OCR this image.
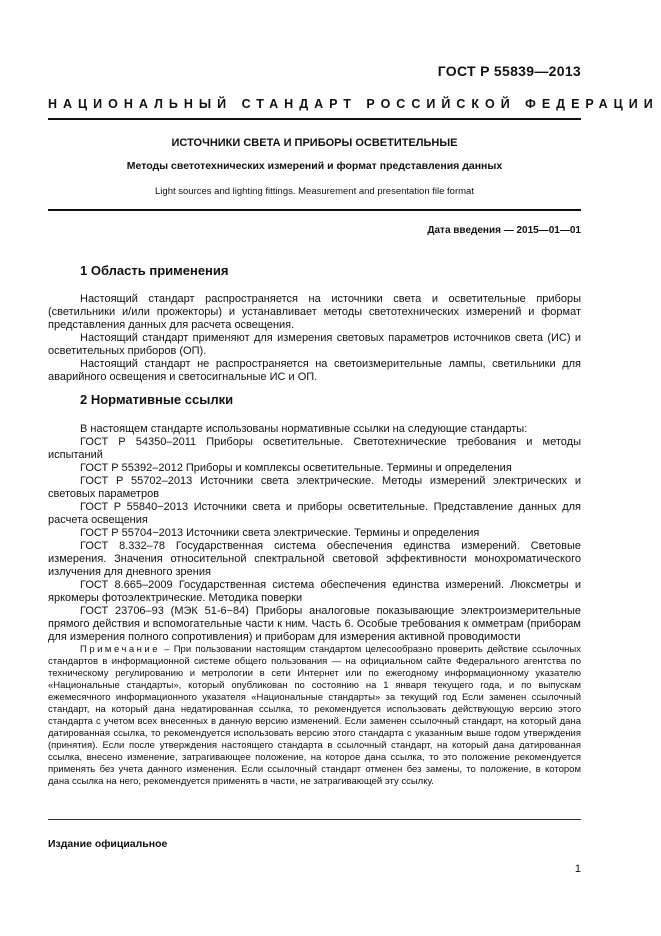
ГОСТ Р 55839—2013
НАЦИОНАЛЬНЫЙ СТАНДАРТ РОССИЙСКОЙ ФЕДЕРАЦИИ
ИСТОЧНИКИ СВЕТА И ПРИБОРЫ ОСВЕТИТЕЛЬНЫЕ
Методы светотехнических измерений и формат представления данных
Light sources and lighting fittings. Measurement and presentation file format
Дата введения — 2015—01—01
1 Область применения

Настоящий стандарт распространяется на источники света и осветительные приборы (светильники и/или прожекторы) и устанавливает методы светотехнических измерений и формат представления данных для расчета освещения.

Настоящий стандарт применяют для измерения световых параметров источников света (ИС) и осветительных приборов (ОП).

Настоящий стандарт не распространяется на светоизмерительные лампы, светильники для аварийного освещения и светосигнальные ИС и ОП.

2 Нормативные ссылки

В настоящем стандарте использованы нормативные ссылки на следующие стандарты:

ГОСТ Р 54350–2011 Приборы осветительные. Светотехнические требования и методы испытаний

ГОСТ Р 55392–2012 Приборы и комплексы осветительные. Термины и определения

ГОСТ Р 55702–2013 Источники света электрические. Методы измерений электрических и световых параметров

ГОСТ Р 55840−2013 Источники света и приборы осветительные. Представление данных для расчета освещения

ГОСТ Р 55704−2013 Источники света электрические. Термины и определения

ГОСТ 8.332–78 Государственная система обеспечения единства измерений. Световые измерения. Значения относительной спектральной световой эффективности монохроматического излучения для дневного зрения

ГОСТ 8.665–2009 Государственная система обеспечения единства измерений. Люксметры и яркомеры фотоэлектрические. Методика поверки

ГОСТ 23706–93 (МЭК 51-6−84) Приборы аналоговые показывающие электроизмерительные прямого действия и вспомогательные части к ним. Часть 6. Особые требования к омметрам (приборам для измерения полного сопротивления) и приборам для измерения активной проводимости

Примечание – При пользовании настоящим стандартом целесообразно проверить действие ссылочных стандартов в информационной системе общего пользования — на официальном сайте Федерального агентства по техническому регулированию и метрологии в сети Интернет или по ежегодному информационному указателю «Национальные стандарты», который опубликован по состоянию на 1 января текущего года, и по выпускам ежемесячного информационного указателя «Национальные стандарты» за текущий год Если заменен ссылочный стандарт, на который дана недатированная ссылка, то рекомендуется использовать действующую версию этого стандарта с учетом всех внесенных в данную версию изменений. Если заменен ссылочный стандарт, на который дана датированная ссылка, то рекомендуется использовать версию этого стандарта с указанным выше годом утверждения (принятия). Если после утверждения настоящего стандарта в ссылочный стандарт, на который дана датированная ссылка, внесено изменение, затрагивающее положение, на которое дана ссылка, то это положение рекомендуется применять без учета данного изменения. Если ссылочный стандарт отменен без замены, то положение, в котором дана ссылка на него, рекомендуется применять в части, не затрагивающей эту ссылку.

Издание официальное
1
